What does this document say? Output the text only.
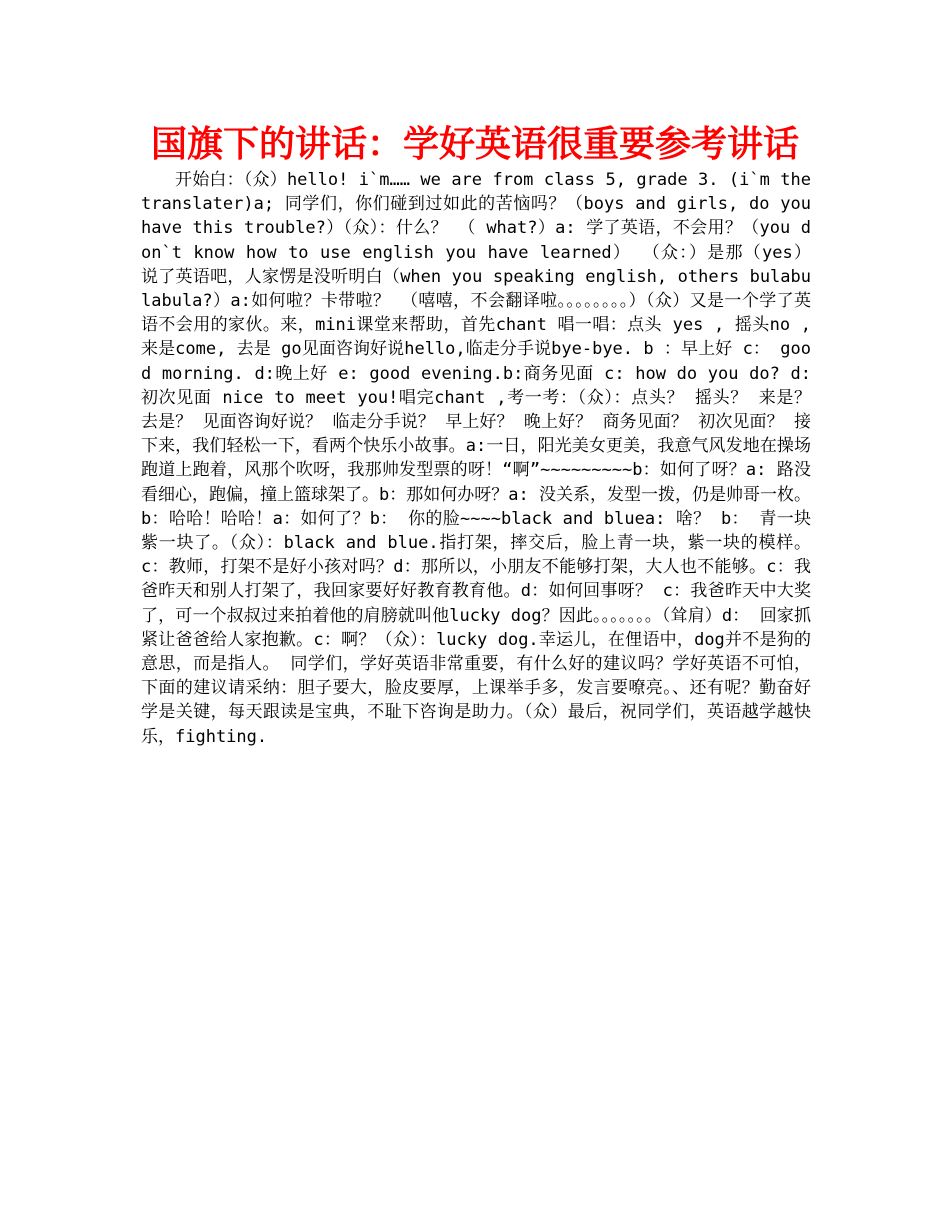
国旗下的讲话：学好英语很重要参考讲话

开始白：（众）hello! i`m…… we are from class 5, grade 3. (i`m the translater)a; 同学们，你们碰到过如此的苦恼吗？（boys and girls, do you have this trouble?）（众）：什么？ （ what?）a: 学了英语，不会用？（you don`t know how to use english you have learned） （众：）是那（yes） 说了英语吧，人家愣是没听明白（when you speaking english, others bulabulabula?）a:如何啦？卡带啦？ （嘻嘻，不会翻译啦。。。。。。。。）（众）又是一个学了英语不会用的家伙。来，mini课堂来帮助，首先chant 唱一唱：点头 yes , 摇头no , 来是come, 去是 go见面咨询好说hello,临走分手说bye-bye. b ：早上好 c： good morning. d:晚上好 e: good evening.b:商务见面 c: how do you do? d:初次见面 nice to meet you!唱完chant ,考一考：（众）：点头？ 摇头？ 来是？ 去是？ 见面咨询好说？ 临走分手说？ 早上好？ 晚上好？ 商务见面？ 初次见面？ 接下来，我们轻松一下，看两个快乐小故事。a:一日，阳光美女更美，我意气风发地在操场跑道上跑着，风那个吹呀，我那帅发型票的呀！“啊”~~~~~~~~~b：如何了呀？a: 路没看细心，跑偏，撞上篮球架了。b：那如何办呀？a: 没关系，发型一拨，仍是帅哥一枚。b：哈哈！哈哈！a：如何了？b： 你的脸~~~~black and bluea: 啥？ b： 青一块紫一块了。（众）：black and blue.指打架，摔交后，脸上青一块，紫一块的模样。 c：教师，打架不是好小孩对吗？d：那所以，小朋友不能够打架，大人也不能够。c：我爸昨天和别人打架了，我回家要好好教育教育他。d：如何回事呀？ c：我爸昨天中大奖了，可一个叔叔过来拍着他的肩膀就叫他lucky dog？因此。。。。。。。（耸肩）d： 回家抓紧让爸爸给人家抱歉。c：啊？（众）：lucky dog.幸运儿，在俚语中，dog并不是狗的意思，而是指人。 同学们，学好英语非常重要，有什么好的建议吗？学好英语不可怕，下面的建议请采纳：胆子要大，脸皮要厚，上课举手多，发言要嘹亮。、还有呢？勤奋好学是关键，每天跟读是宝典，不耻下咨询是助力。（众）最后，祝同学们，英语越学越快乐，fighting.
